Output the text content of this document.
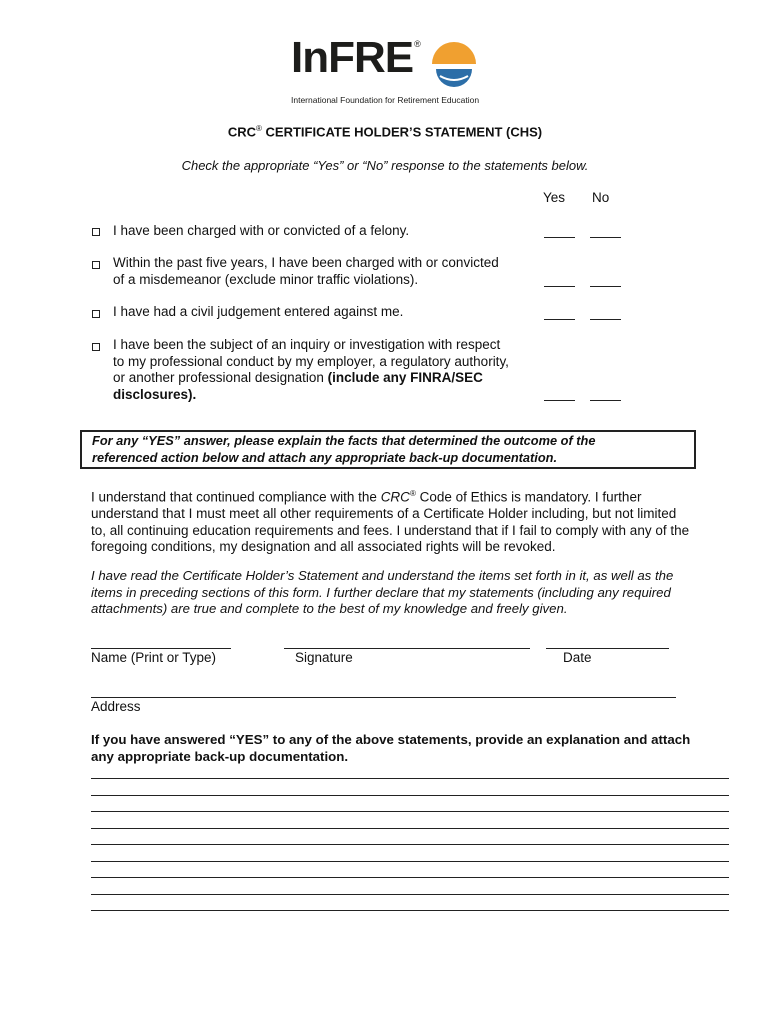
InFRE®
International Foundation for Retirement Education
CRC® CERTIFICATE HOLDER’S STATEMENT (CHS)
Check the appropriate “Yes” or “No” response to the statements below.
Yes No
I have been charged with or convicted of a felony.
Within the past five years, I have been charged with or convicted
of a misdemeanor (exclude minor traffic violations).
I have had a civil judgement entered against me.
I have been the subject of an inquiry or investigation with respect
to my professional conduct by my employer, a regulatory authority,
or another professional designation (include any FINRA/SEC
disclosures).
For any “YES” answer, please explain the facts that determined the outcome of the
referenced action below and attach any appropriate back-up documentation.
I understand that continued compliance with the CRC® Code of Ethics is mandatory. I further understand that I must meet all other requirements of a Certificate Holder including, but not limited to, all continuing education requirements and fees. I understand that if I fail to comply with any of the foregoing conditions, my designation and all associated rights will be revoked.
I have read the Certificate Holder’s Statement and understand the items set forth in it, as well as the items in preceding sections of this form. I further declare that my statements (including any required attachments) are true and complete to the best of my knowledge and freely given.
Name (Print or Type)	Signature	Date
Address
If you have answered “YES” to any of the above statements, provide an explanation and attach any appropriate back-up documentation.
